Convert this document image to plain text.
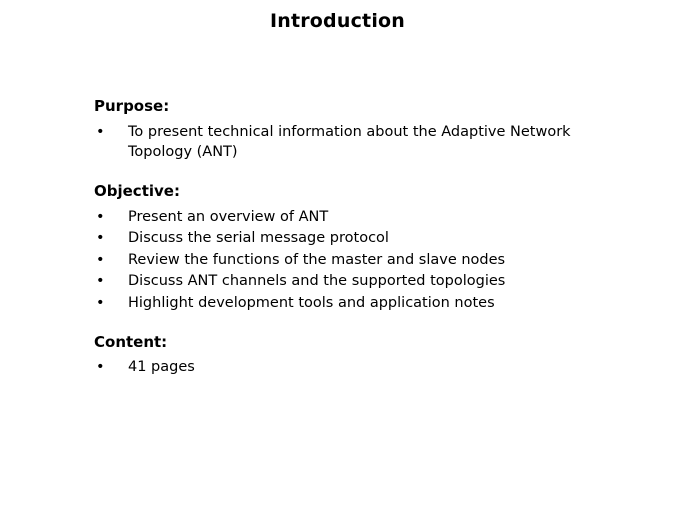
Introduction

Purpose:

• To present technical information about the Adaptive Network Topology (ANT)

Objective:

• Present an overview of ANT
• Discuss the serial message protocol
• Review the functions of the master and slave nodes
• Discuss ANT channels and the supported topologies
• Highlight development tools and application notes

Content:

• 41 pages
